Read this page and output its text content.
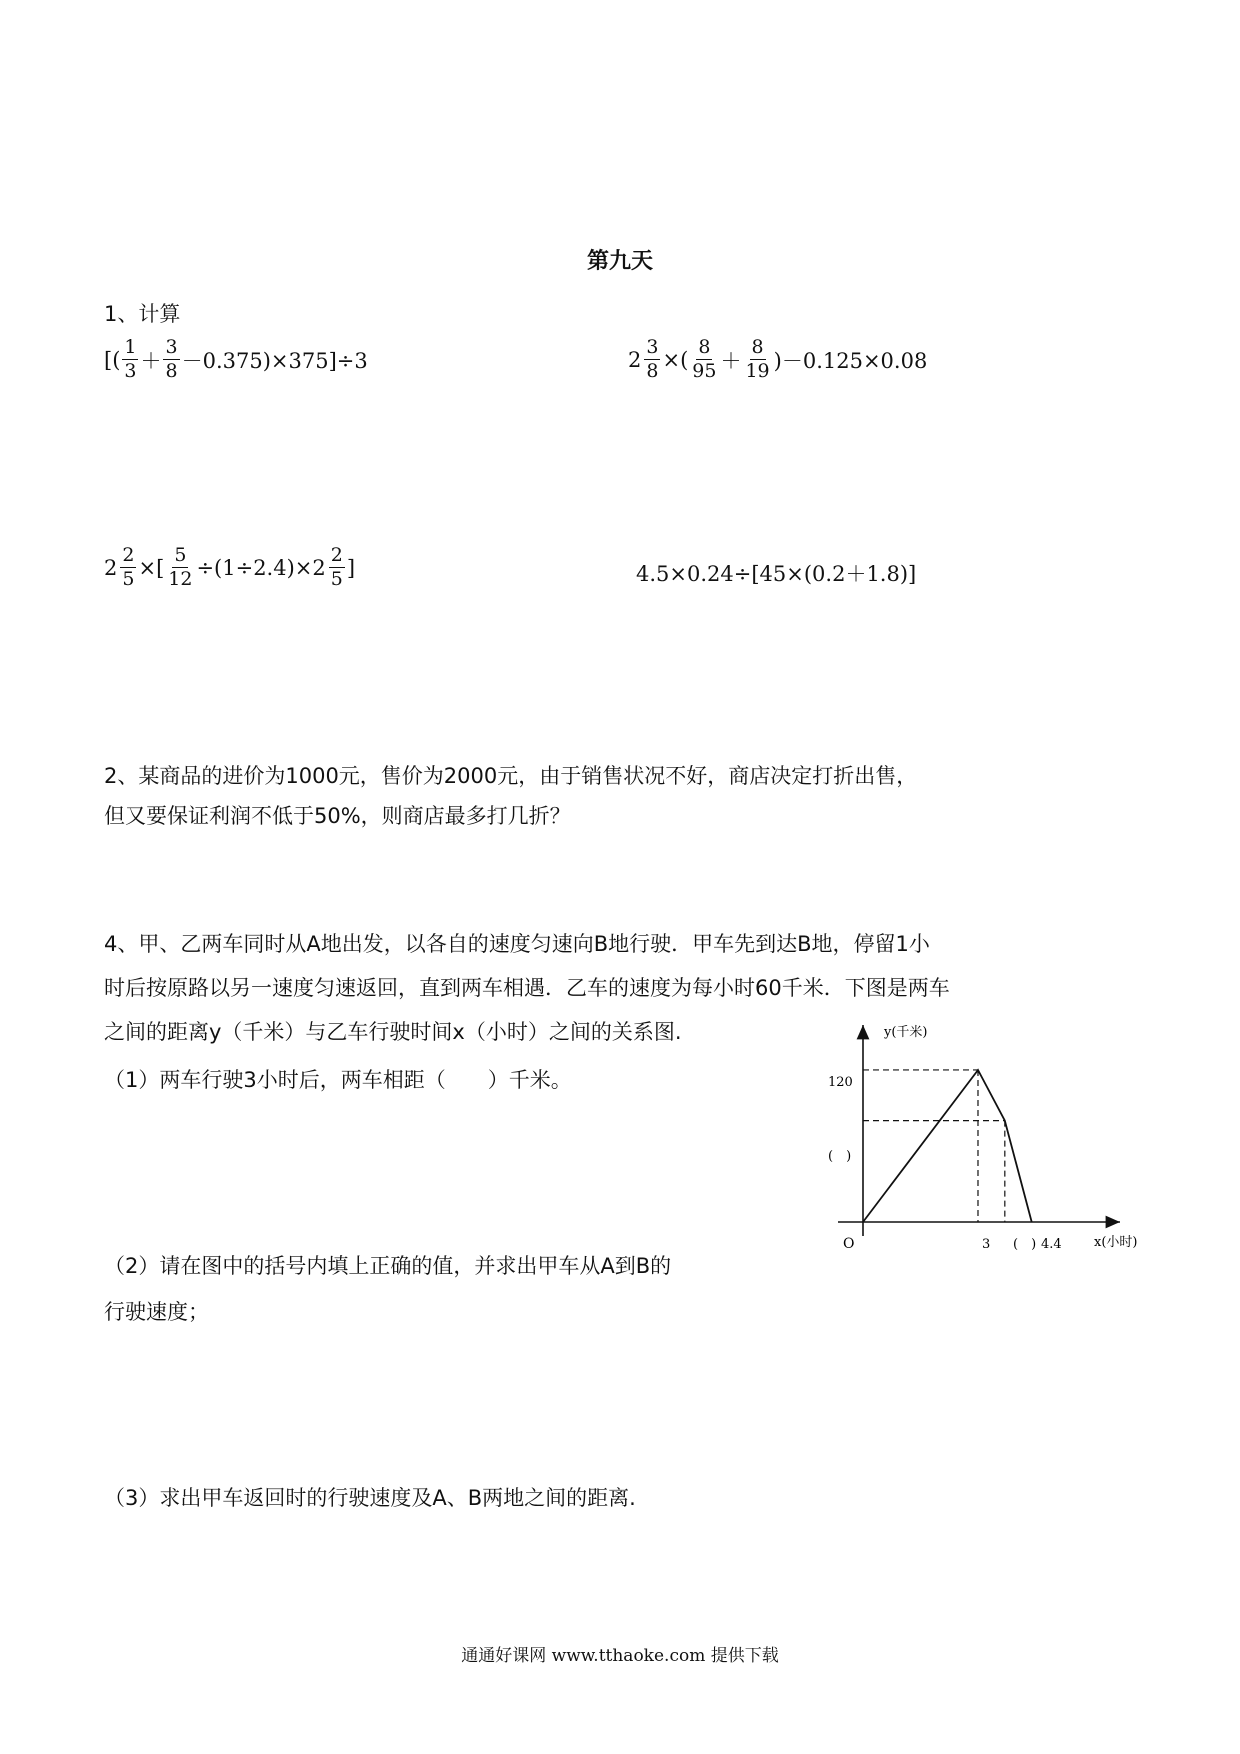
第九天
1、计算
[( $\frac{1}{3} + \frac{3}{8} -0.375)\times 375]\div 3$	$2 \frac{3}{8}$ ×( $\frac{8}{95} + \frac{8}{19} )-0.125\times 0.08$
$2 \frac{2}{5}$ ×[ $\frac{5}{12} \div(1\div 2.4)\times 2 \frac{2}{5}$ ]	4.5×0.24÷[45×(0.2＋1.8)]
2、某商品的进价为1000元，售价为2000元，由于销售状况不好，商店决定打折出售，
但又要保证利润不低于50%，则商店最多打几折？
4、甲、乙两车同时从A地出发，以各自的速度匀速向B地行驶．甲车先到达B地，停留1小
时后按原路以另一速度匀速返回，直到两车相遇．乙车的速度为每小时60千米．下图是两车
之间的距离y（千米）与乙车行驶时间x（小时）之间的关系图.
（1）两车行驶3小时后，两车相距（　　）千米。
（2）请在图中的括号内填上正确的值，并求出甲车从A到B的
行驶速度；
（3）求出甲车返回时的行驶速度及A、B两地之间的距离.
y(千米)
x(小时)
O
120
(　)
3 (　) 4.4
通通好课网 www.tthaoke.com 提供下载
